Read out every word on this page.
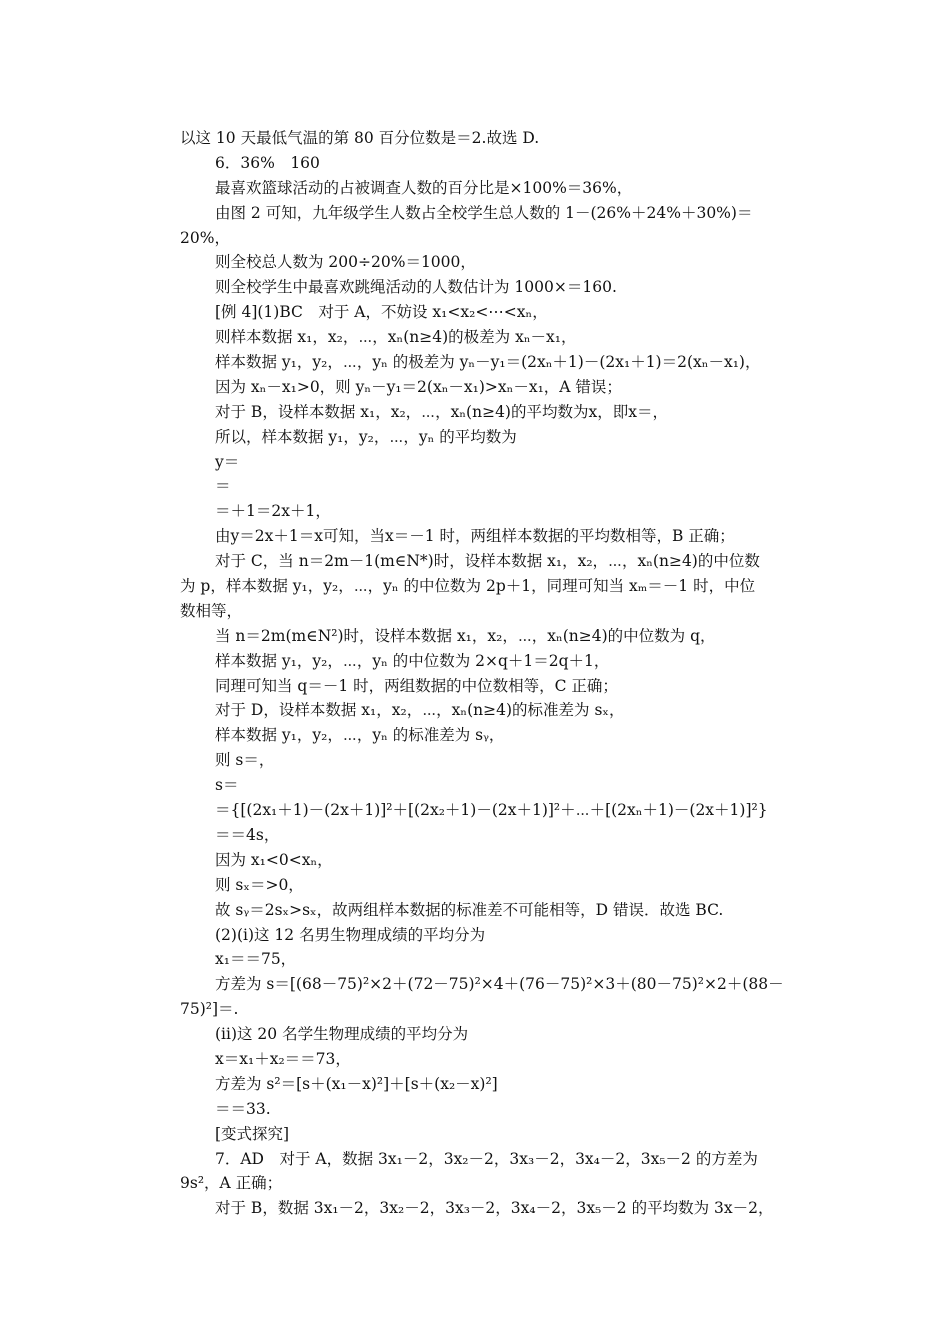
以这 10 天最低气温的第 80 百分位数是＝2.故选 D.
6．36%　160
最喜欢篮球活动的占被调查人数的百分比是×100%＝36%，
由图 2 可知，九年级学生人数占全校学生总人数的 1－(26%＋24%＋30%)＝
20%，
则全校总人数为 200÷20%＝1000，
则全校学生中最喜欢跳绳活动的人数估计为 1000×＝160.
[例 4](1)BC　对于 A，不妨设 x₁<x₂<⋯<xₙ，
则样本数据 x₁，x₂，⋯，xₙ(n≥4)的极差为 xₙ－x₁，
样本数据 y₁，y₂，⋯，yₙ 的极差为 yₙ－y₁＝(2xₙ＋1)－(2x₁＋1)＝2(xₙ－x₁)，
因为 xₙ－x₁>0，则 yₙ－y₁＝2(xₙ－x₁)>xₙ－x₁，A 错误；
对于 B，设样本数据 x₁，x₂，⋯，xₙ(n≥4)的平均数为x，即x＝，
所以，样本数据 y₁，y₂，⋯，yₙ 的平均数为
y＝
＝
＝＋1＝2x＋1，
由y＝2x＋1＝x可知，当x＝－1 时，两组样本数据的平均数相等，B 正确；
对于 C，当 n＝2m－1(m∈N*)时，设样本数据 x₁，x₂，⋯，xₙ(n≥4)的中位数
为 p，样本数据 y₁，y₂，⋯，yₙ 的中位数为 2p＋1，同理可知当 xₘ＝－1 时，中位
数相等，
当 n＝2m(m∈N²)时，设样本数据 x₁，x₂，⋯，xₙ(n≥4)的中位数为 q，
样本数据 y₁，y₂，⋯，yₙ 的中位数为 2×q＋1＝2q＋1，
同理可知当 q＝－1 时，两组数据的中位数相等，C 正确；
对于 D，设样本数据 x₁，x₂，⋯，xₙ(n≥4)的标准差为 sₓ，
样本数据 y₁，y₂，⋯，yₙ 的标准差为 sᵧ，
则 s＝，
s＝
＝{[(2x₁＋1)－(2x＋1)]²＋[(2x₂＋1)－(2x＋1)]²＋⋯＋[(2xₙ＋1)－(2x＋1)]²}
＝＝4s，
因为 x₁<0<xₙ，
则 sₓ＝>0，
故 sᵧ＝2sₓ>sₓ，故两组样本数据的标准差不可能相等，D 错误．故选 BC.
(2)(ⅰ)这 12 名男生物理成绩的平均分为
x₁＝＝75，
方差为 s＝[(68－75)²×2＋(72－75)²×4＋(76－75)²×3＋(80－75)²×2＋(88－
75)²]＝.
(ⅱ)这 20 名学生物理成绩的平均分为
x＝x₁＋x₂＝＝73，
方差为 s²＝[s＋(x₁－x)²]＋[s＋(x₂－x)²]
＝＝33.
[变式探究]
7．AD　对于 A，数据 3x₁－2，3x₂－2，3x₃－2，3x₄－2，3x₅－2 的方差为
9s²，A 正确；
对于 B，数据 3x₁－2，3x₂－2，3x₃－2，3x₄－2，3x₅－2 的平均数为 3x－2，
